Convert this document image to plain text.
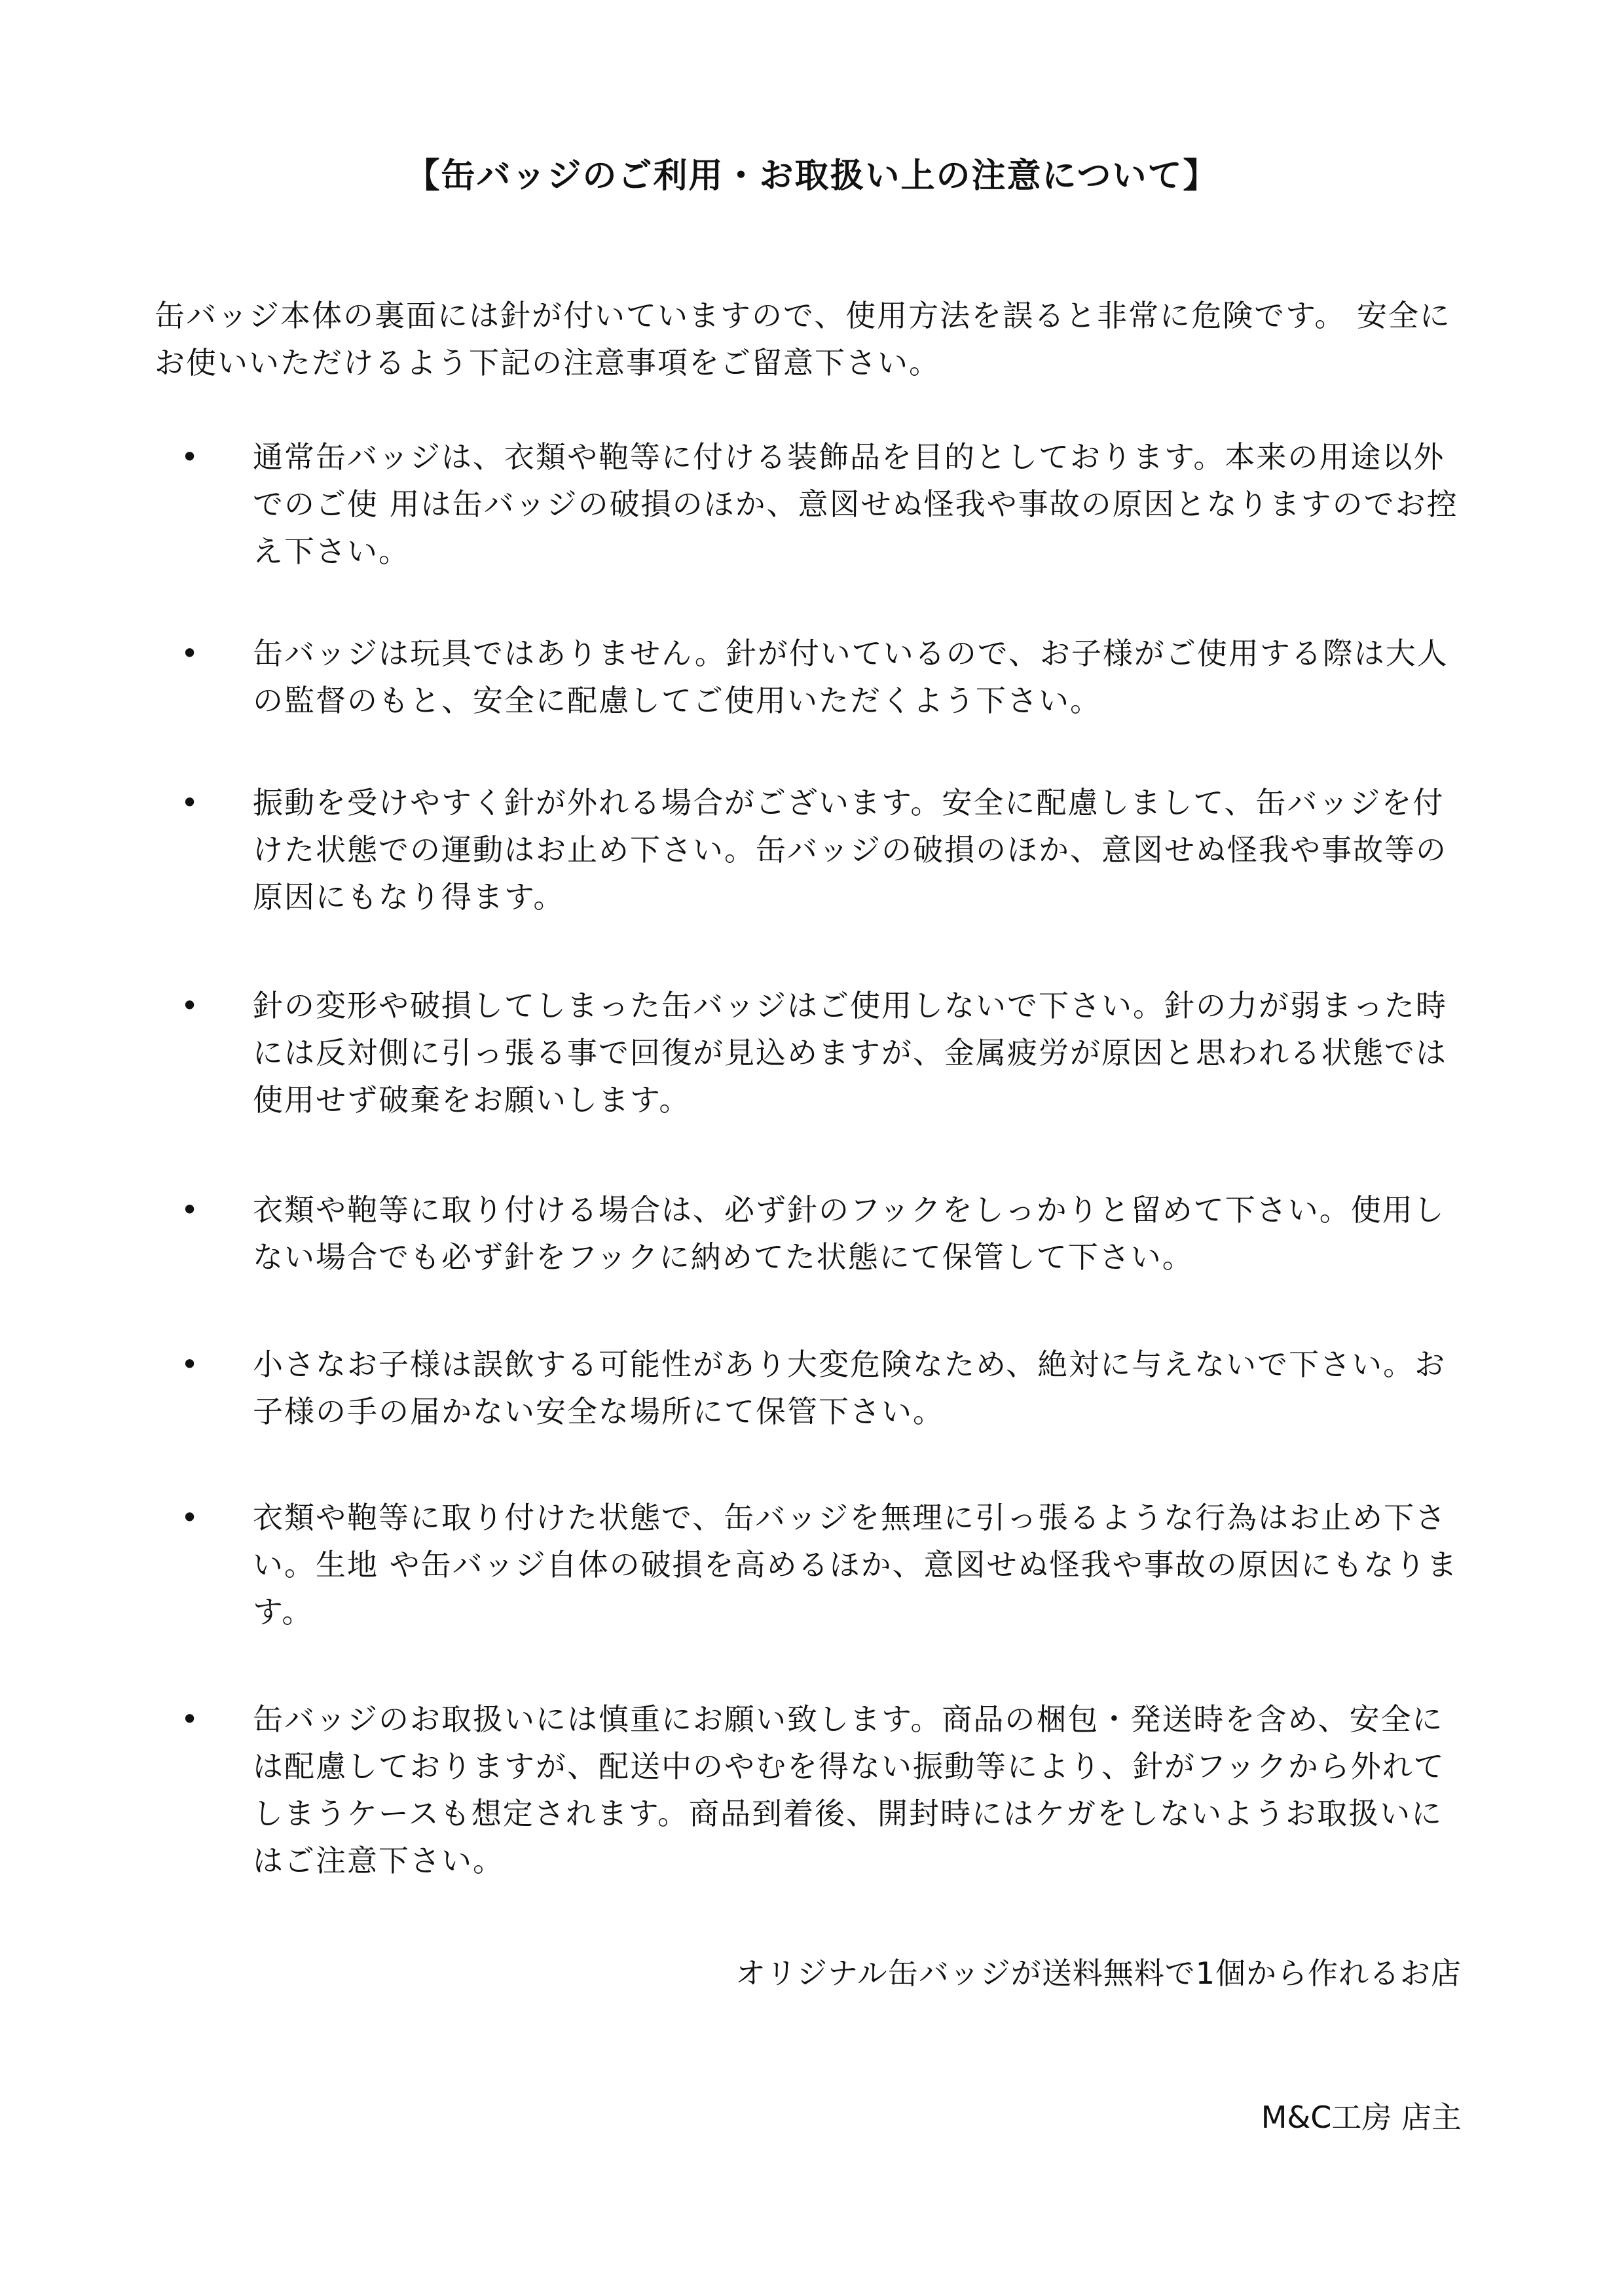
【缶バッジのご利用・お取扱い上の注意について】
缶バッジ本体の裏面には針が付いていますので、使用方法を誤ると非常に危険です。 安全にお使いいただけるよう下記の注意事項をご留意下さい。
• 通常缶バッジは、衣類や鞄等に付ける装飾品を目的としております。本来の用途以外でのご使 用は缶バッジの破損のほか、意図せぬ怪我や事故の原因となりますのでお控え下さい。
• 缶バッジは玩具ではありません。針が付いているので、お子様がご使用する際は大人の監督のもと、安全に配慮してご使用いただくよう下さい。
• 振動を受けやすく針が外れる場合がございます。安全に配慮しまして、缶バッジを付けた状態での運動はお止め下さい。缶バッジの破損のほか、意図せぬ怪我や事故等の原因にもなり得ます。
• 針の変形や破損してしまった缶バッジはご使用しないで下さい。針の力が弱まった時には反対側に引っ張る事で回復が見込めますが、金属疲労が原因と思われる状態では使用せず破棄をお願いします。
• 衣類や鞄等に取り付ける場合は、必ず針のフックをしっかりと留めて下さい。使用しない場合でも必ず針をフックに納めてた状態にて保管して下さい。
• 小さなお子様は誤飲する可能性があり大変危険なため、絶対に与えないで下さい。お子様の手の届かない安全な場所にて保管下さい。
• 衣類や鞄等に取り付けた状態で、缶バッジを無理に引っ張るような行為はお止め下さい。生地 や缶バッジ自体の破損を高めるほか、意図せぬ怪我や事故の原因にもなります。
• 缶バッジのお取扱いには慎重にお願い致します。商品の梱包・発送時を含め、安全には配慮しておりますが、配送中のやむを得ない振動等により、針がフックから外れてしまうケースも想定されます。商品到着後、開封時にはケガをしないようお取扱いにはご注意下さい。
オリジナル缶バッジが送料無料で1個から作れるお店
M&C工房 店主
